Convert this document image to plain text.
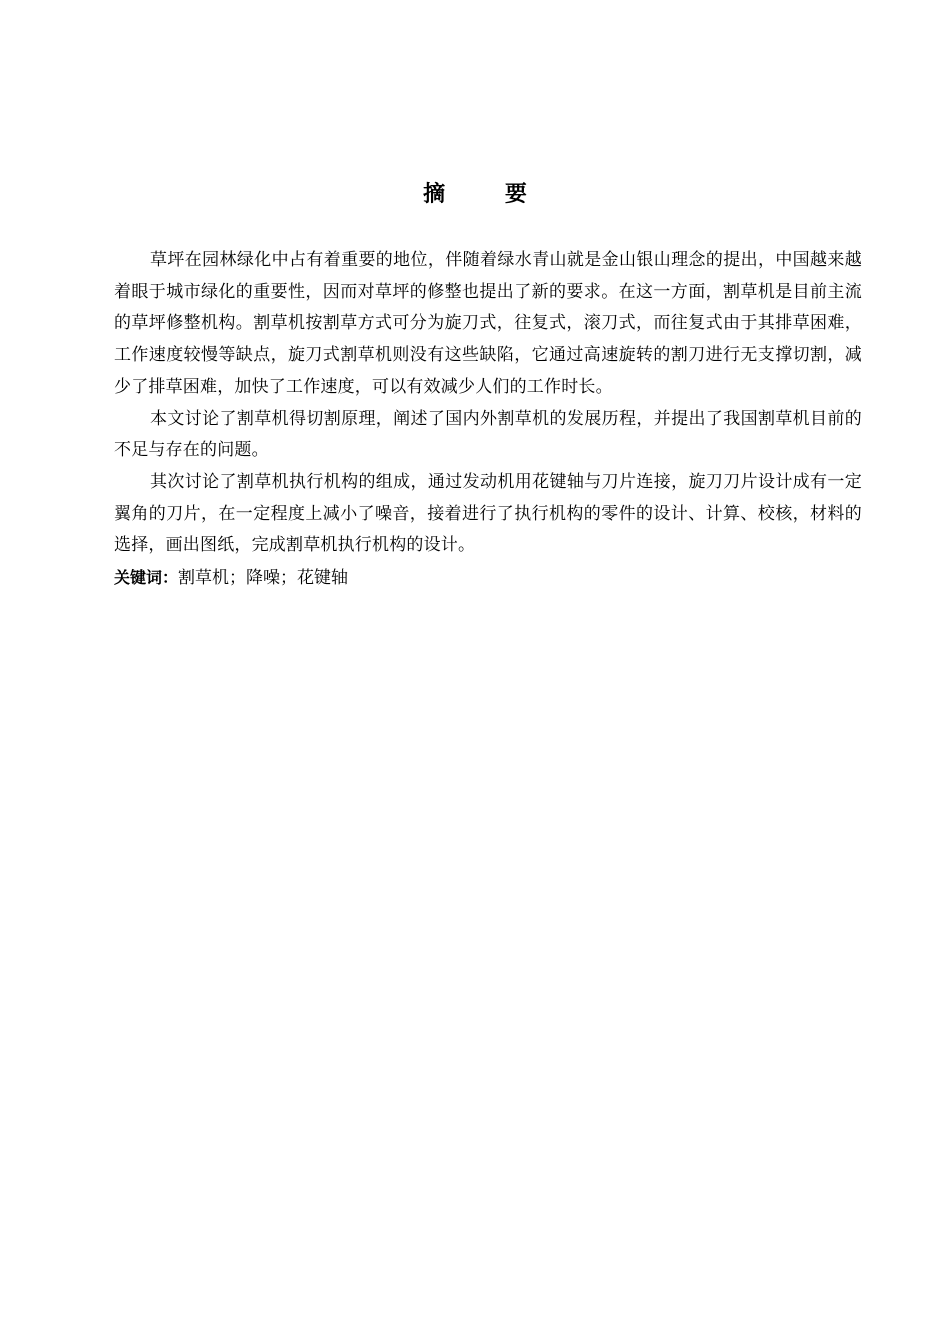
摘 要

草坪在园林绿化中占有着重要的地位，伴随着绿水青山就是金山银山理念的提出，中国越来越着眼于城市绿化的重要性，因而对草坪的修整也提出了新的要求。在这一方面，割草机是目前主流的草坪修整机构。割草机按割草方式可分为旋刀式，往复式，滚刀式，而往复式由于其排草困难，工作速度较慢等缺点，旋刀式割草机则没有这些缺陷，它通过高速旋转的割刀进行无支撑切割，减少了排草困难，加快了工作速度，可以有效减少人们的工作时长。

本文讨论了割草机得切割原理，阐述了国内外割草机的发展历程，并提出了我国割草机目前的不足与存在的问题。

其次讨论了割草机执行机构的组成，通过发动机用花键轴与刀片连接，旋刀刀片设计成有一定翼角的刀片，在一定程度上减小了噪音，接着进行了执行机构的零件的设计、计算、校核，材料的选择，画出图纸，完成割草机执行机构的设计。

关键词：割草机；降噪；花键轴
